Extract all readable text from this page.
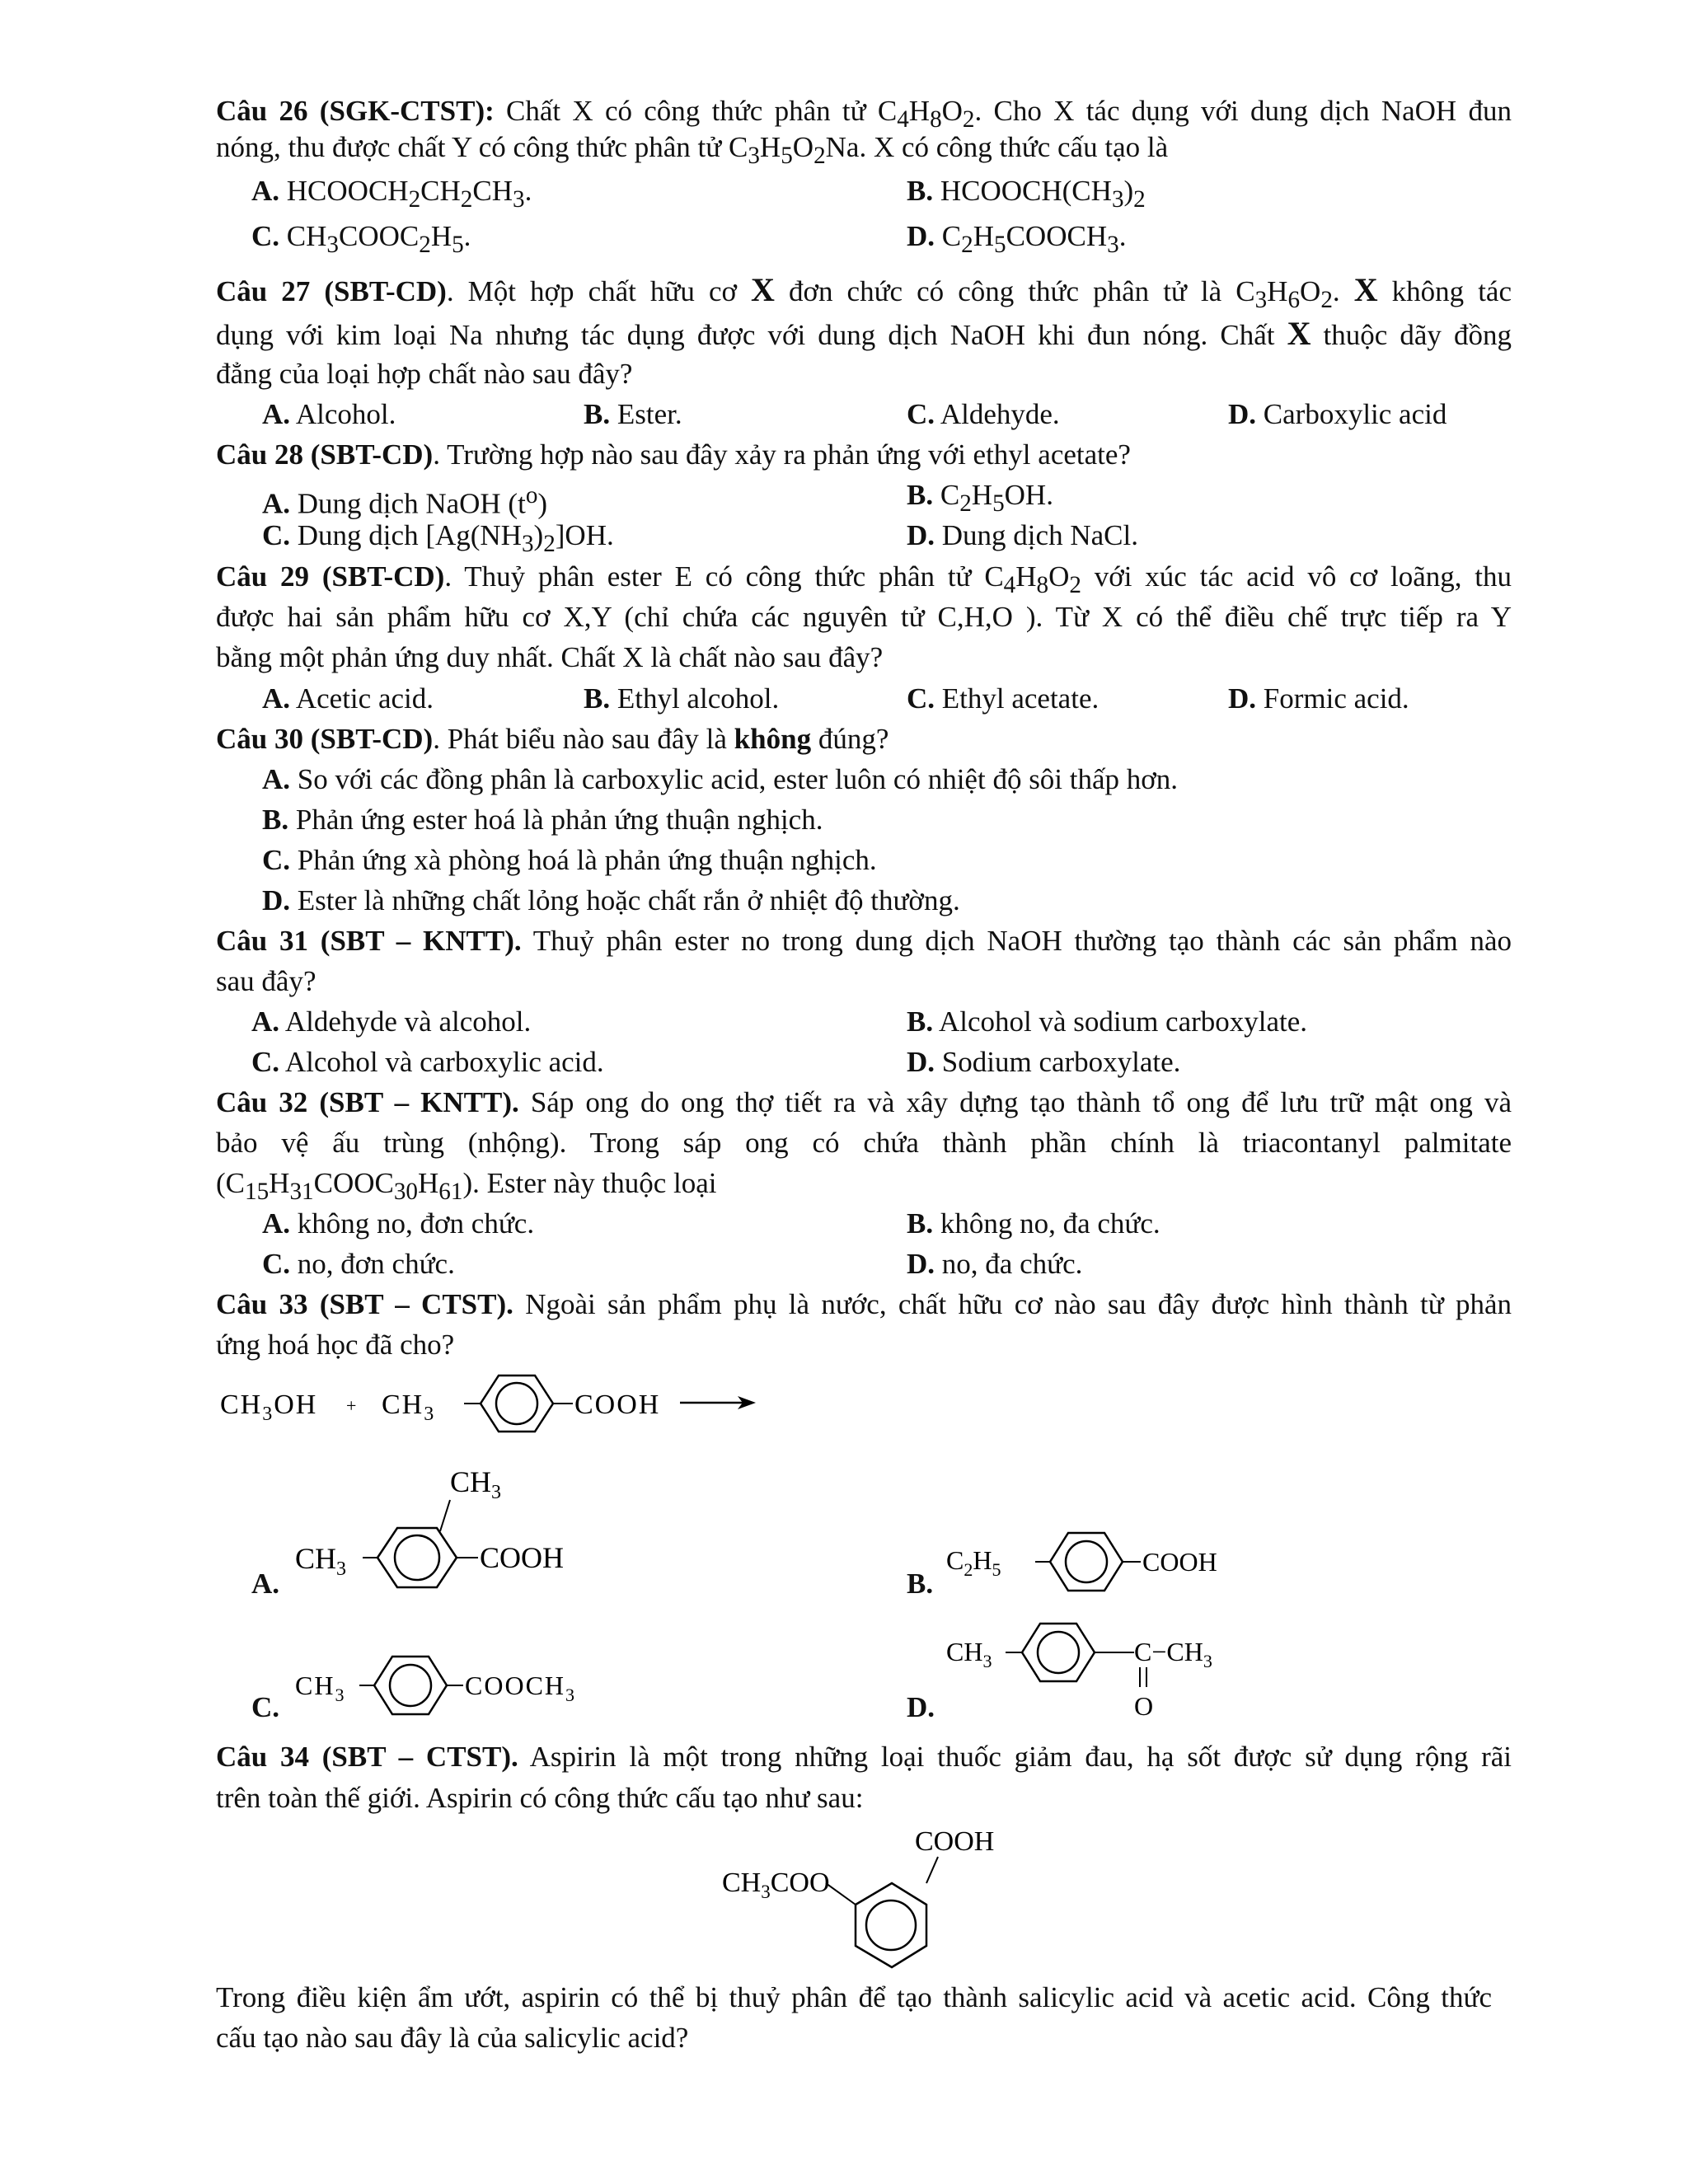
Câu 26 (SGK-CTST): Chất X có công thức phân tử $C_4H_8O_2$. Cho X tác dụng với dung dịch NaOH đun
nóng, thu được chất Y có công thức phân tử $C_3H_5O_2Na$. X có công thức cấu tạo là
A. $HCOOCH_2CH_2CH_3$.	B. $HCOOCH(CH_3)_2$
C. $CH_3COOC_2H_5$.	D. $C_2H_5COOCH_3$.
Câu 27 (SBT-CD). Một hợp chất hữu cơ X đơn chức có công thức phân tử là $C_3H_6O_2$. X không tác
dụng với kim loại Na nhưng tác dụng được với dung dịch NaOH khi đun nóng. Chất X thuộc dãy đồng
đẳng của loại hợp chất nào sau đây?
A. Alcohol.	B. Ester.	C. Aldehyde.	D. Carboxylic acid
Câu 28 (SBT-CD). Trường hợp nào sau đây xảy ra phản ứng với ethyl acetate?
A. Dung dịch NaOH $(t^o)$	B. $C_2H_5OH$.
C. Dung dịch $[Ag(NH_3)_2]OH$.	D. Dung dịch NaCl.
Câu 29 (SBT-CD). Thuỷ phân ester E có công thức phân tử $C_4H_8O_2$ với xúc tác acid vô cơ loãng, thu
được hai sản phẩm hữu cơ X,Y (chỉ chứa các nguyên tử C,H,O ). Từ X có thể điều chế trực tiếp ra Y
bằng một phản ứng duy nhất. Chất X là chất nào sau đây?
A. Acetic acid.	B. Ethyl alcohol.	C. Ethyl acetate.	D. Formic acid.
Câu 30 (SBT-CD). Phát biểu nào sau đây là không đúng?
A. So với các đồng phân là carboxylic acid, ester luôn có nhiệt độ sôi thấp hơn.
B. Phản ứng ester hoá là phản ứng thuận nghịch.
C. Phản ứng xà phòng hoá là phản ứng thuận nghịch.
D. Ester là những chất lỏng hoặc chất rắn ở nhiệt độ thường.
Câu 31 (SBT – KNTT). Thuỷ phân ester no trong dung dịch NaOH thường tạo thành các sản phẩm nào
sau đây?
A. Aldehyde và alcohol.	B. Alcohol và sodium carboxylate.
C. Alcohol và carboxylic acid.	D. Sodium carboxylate.
Câu 32 (SBT – KNTT). Sáp ong do ong thợ tiết ra và xây dựng tạo thành tổ ong để lưu trữ mật ong và
bảo vệ ấu trùng (nhộng). Trong sáp ong có chứa thành phần chính là triacontanyl palmitate
$(C_{15}H_{31}COOC_{30}H_{61})$. Ester này thuộc loại
A. không no, đơn chức.	B. không no, đa chức.
C. no, đơn chức.	D. no, đa chức.
Câu 33 (SBT – CTST). Ngoài sản phẩm phụ là nước, chất hữu cơ nào sau đây được hình thành từ phản
ứng hoá học đã cho?
$CH_3OH + CH_3$	COOH
A.
$CH_3$
$CH_3$	COOH
B.
$C_2H_5$	COOH
C.
$CH_3$	$COOCH_3$	D.
$CH_3$	$C-CH_3$
O
Câu 34 (SBT – CTST). Aspirin là một trong những loại thuốc giảm đau, hạ sốt được sử dụng rộng rãi
trên toàn thế giới. Aspirin có công thức cấu tạo như sau:
COOH
$CH_3COO$
Trong điều kiện ẩm ướt, aspirin có thể bị thuỷ phân để tạo thành salicylic acid và acetic acid. Công thức
cấu tạo nào sau đây là của salicylic acid?
